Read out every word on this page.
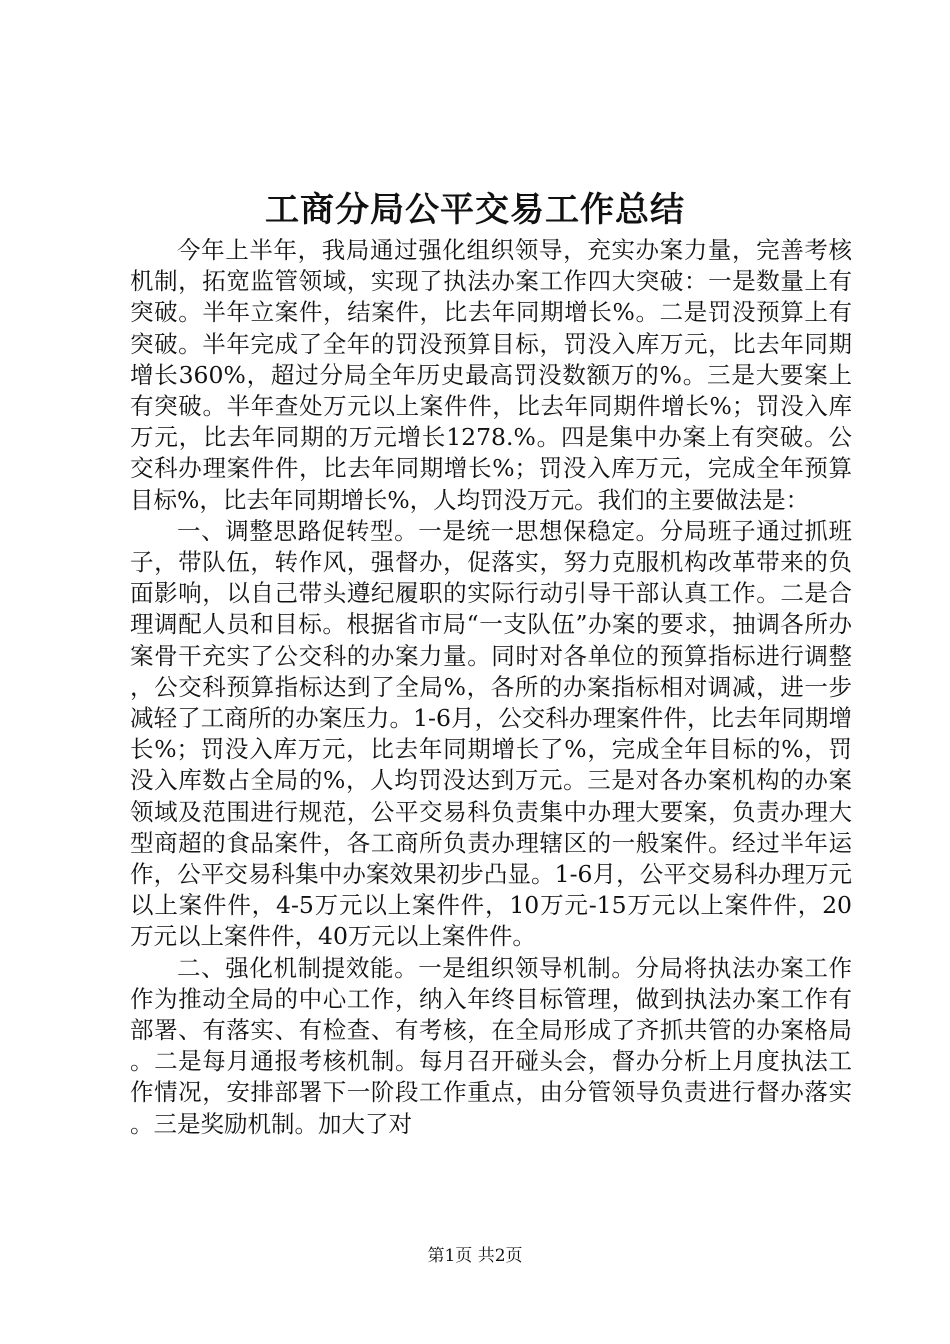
工商分局公平交易工作总结

今年上半年，我局通过强化组织领导，充实办案力量，完善考核机制，拓宽监管领域，实现了执法办案工作四大突破：一是数量上有突破。半年立案件，结案件，比去年同期增长%。二是罚没预算上有突破。半年完成了全年的罚没预算目标，罚没入库万元，比去年同期增长360%，超过分局全年历史最高罚没数额万的%。三是大要案上有突破。半年查处万元以上案件件，比去年同期件增长%；罚没入库万元，比去年同期的万元增长1278.%。四是集中办案上有突破。公交科办理案件件，比去年同期增长%；罚没入库万元，完成全年预算目标%，比去年同期增长%，人均罚没万元。我们的主要做法是：

一、调整思路促转型。一是统一思想保稳定。分局班子通过抓班子，带队伍，转作风，强督办，促落实，努力克服机构改革带来的负面影响，以自己带头遵纪履职的实际行动引导干部认真工作。二是合理调配人员和目标。根据省市局“一支队伍”办案的要求，抽调各所办案骨干充实了公交科的办案力量。同时对各单位的预算指标进行调整，公交科预算指标达到了全局%，各所的办案指标相对调减，进一步减轻了工商所的办案压力。1-6月，公交科办理案件件，比去年同期增长%；罚没入库万元，比去年同期增长了%，完成全年目标的%，罚没入库数占全局的%，人均罚没达到万元。三是对各办案机构的办案领域及范围进行规范，公平交易科负责集中办理大要案，负责办理大型商超的食品案件，各工商所负责办理辖区的一般案件。经过半年运作，公平交易科集中办案效果初步凸显。1-6月，公平交易科办理万元以上案件件，4-5万元以上案件件，10万元-15万元以上案件件，20万元以上案件件，40万元以上案件件。

二、强化机制提效能。一是组织领导机制。分局将执法办案工作作为推动全局的中心工作，纳入年终目标管理，做到执法办案工作有部署、有落实、有检查、有考核，在全局形成了齐抓共管的办案格局。二是每月通报考核机制。每月召开碰头会，督办分析上月度执法工作情况，安排部署下一阶段工作重点，由分管领导负责进行督办落实。三是奖励机制。加大了对

第1页 共2页
